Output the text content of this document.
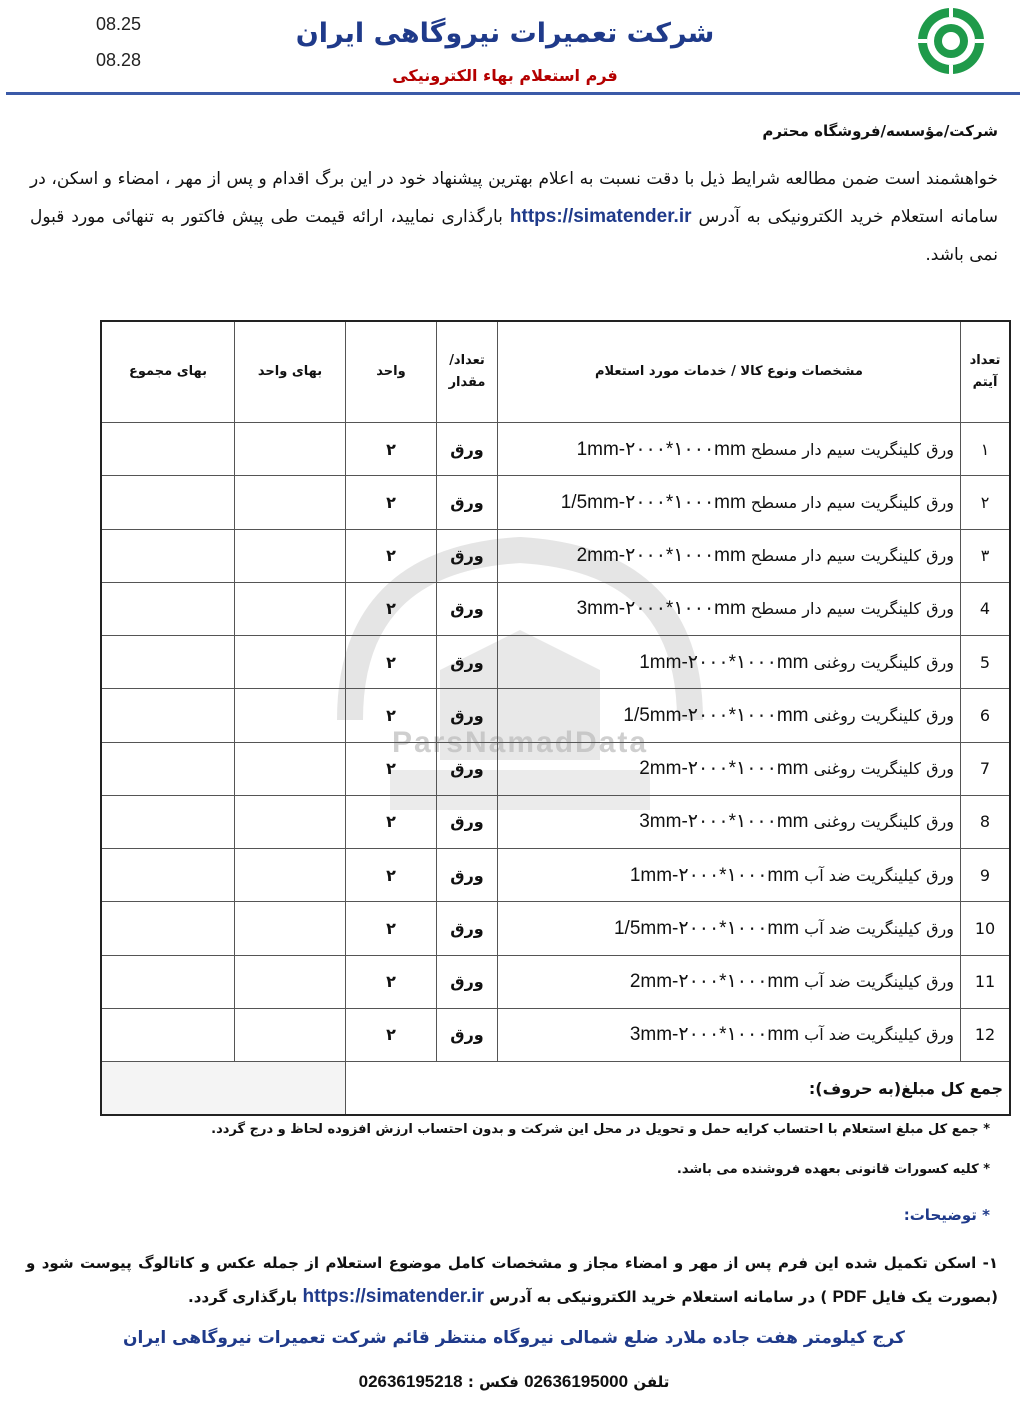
شرکت تعمیرات نیروگاهی ایران
فرم استعلام بهاء الکترونیکی
08.25
08.28
شرکت/مؤسسه/فروشگاه محترم
خواهشمند است ضمن مطالعه شرایط ذیل با دقت نسبت به اعلام بهترین پیشنهاد خود در این برگ اقدام و پس از مهر ، امضاء و اسکن، در سامانه استعلام خرید الکترونیکی به آدرس https://simatender.ir بارگذاری نمایید، ارائه قیمت طی پیش فاکتور به تنهائی مورد قبول نمی باشد.
ParsNamadData
تعداد آیتم	مشخصات ونوع کالا / خدمات مورد استعلام	تعداد/ مقدار	واحد	بهای واحد	بهای مجموع
۱	ورق کلینگریت سیم دار مسطح 1mm-۲۰۰۰*۱۰۰۰mm	ورق	۲		
۲	ورق کلینگریت سیم دار مسطح 1/5mm-۲۰۰۰*۱۰۰۰mm	ورق	۲		
۳	ورق کلینگریت سیم دار مسطح 2mm-۲۰۰۰*۱۰۰۰mm	ورق	۲		
4	ورق کلینگریت سیم دار مسطح 3mm-۲۰۰۰*۱۰۰۰mm	ورق	۲		
5	ورق کلینگریت روغنی 1mm-۲۰۰۰*۱۰۰۰mm	ورق	۲		
6	ورق کلینگریت روغنی 1/5mm-۲۰۰۰*۱۰۰۰mm	ورق	۲		
7	ورق کلینگریت روغنی 2mm-۲۰۰۰*۱۰۰۰mm	ورق	۲		
8	ورق کلینگریت روغنی 3mm-۲۰۰۰*۱۰۰۰mm	ورق	۲		
9	ورق کیلینگریت ضد آب 1mm-۲۰۰۰*۱۰۰۰mm	ورق	۲		
10	ورق کیلینگریت ضد آب 1/5mm-۲۰۰۰*۱۰۰۰mm	ورق	۲		
11	ورق کیلینگریت ضد آب 2mm-۲۰۰۰*۱۰۰۰mm	ورق	۲		
12	ورق کیلینگریت ضد آب 3mm-۲۰۰۰*۱۰۰۰mm	ورق	۲		
جمع کل مبلغ(به حروف):					
* جمع کل مبلغ استعلام با احتساب کرایه حمل و تحویل در محل این شرکت و بدون احتساب ارزش افزوده لحاظ و درج گردد.
* کلیه کسورات قانونی بعهده فروشنده می باشد.
* توضیحات:
۱- اسکن تکمیل شده این فرم پس از مهر و امضاء مجاز و مشخصات کامل موضوع استعلام از جمله عکس و کاتالوگ پیوست شود و (بصورت یک فایل PDF ) در سامانه استعلام خرید الکترونیکی به آدرس https://simatender.ir بارگذاری گردد.
کرج کیلومتر هفت جاده ملارد ضلع شمالی نیروگاه منتظر قائم شرکت تعمیرات نیروگاهی ایران
تلفن 02636195000 فکس : 02636195218
